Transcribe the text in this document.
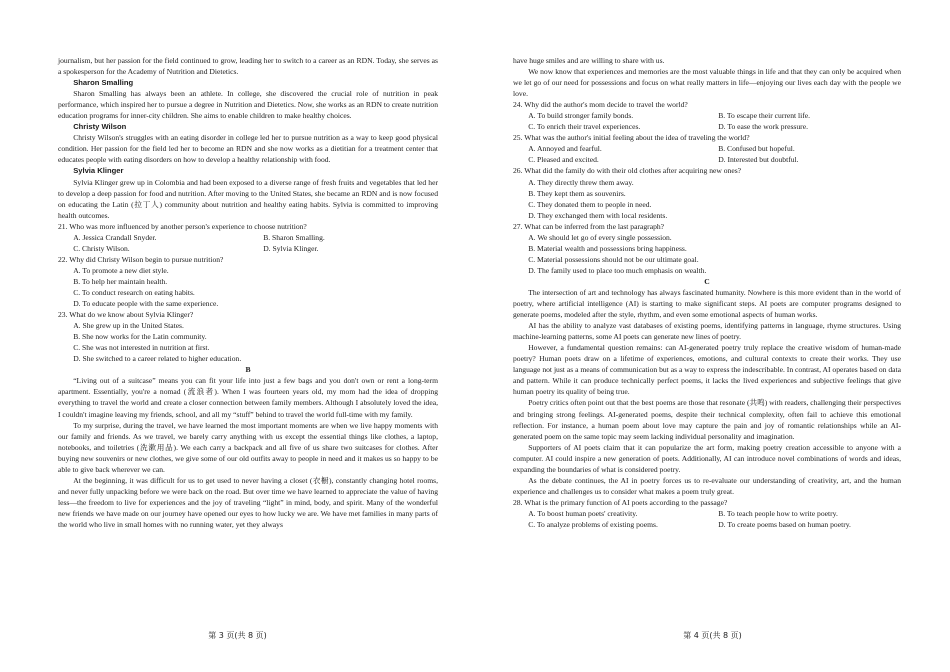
journalism, but her passion for the field continued to grow, leading her to switch to a career as an RDN. Today, she serves as a spokesperson for the Academy of Nutrition and Dietetics.

Sharon Smalling

Sharon Smalling has always been an athlete. In college, she discovered the crucial role of nutrition in peak performance, which inspired her to pursue a degree in Nutrition and Dietetics. Now, she works as an RDN to create nutrition education programs for inner-city children. She aims to enable children to make healthy choices.

Christy Wilson

Christy Wilson's struggles with an eating disorder in college led her to pursue nutrition as a way to keep good physical condition. Her passion for the field led her to become an RDN and she now works as a dietitian for a treatment center that educates people with eating disorders on how to develop a healthy relationship with food.

Sylvia Klinger

Sylvia Klinger grew up in Colombia and had been exposed to a diverse range of fresh fruits and vegetables that led her to develop a deep passion for food and nutrition. After moving to the United States, she became an RDN and is now focused on educating the Latin (拉丁人) community about nutrition and healthy eating habits. Sylvia is committed to improving health outcomes.

21. Who was more influenced by another person's experience to choose nutrition?

A. Jessica Crandall Snyder.	B. Sharon Smalling.
C. Christy Wilson.	D. Sylvia Klinger.

22. Why did Christy Wilson begin to pursue nutrition?

A. To promote a new diet style.

B. To help her maintain health.

C. To conduct research on eating habits.

D. To educate people with the same experience.

23. What do we know about Sylvia Klinger?

A. She grew up in the United States.

B. She now works for the Latin community.

C. She was not interested in nutrition at first.

D. She switched to a career related to higher education.

B

“Living out of a suitcase” means you can fit your life into just a few bags and you don't own or rent a long-term apartment. Essentially, you're a nomad (流浪者). When I was fourteen years old, my mom had the idea of dropping everything to travel the world and create a closer connection between family members. Although I absolutely loved the idea, I couldn't imagine leaving my friends, school, and all my “stuff” behind to travel the world full-time with my family.

To my surprise, during the travel, we have learned the most important moments are when we live happy moments with our family and friends. As we travel, we barely carry anything with us except the essential things like clothes, a laptop, notebooks, and toiletries (洗漱用品). We each carry a backpack and all five of us share two suitcases for clothes. After buying new souvenirs or new clothes, we give some of our old outfits away to people in need and it makes us so happy to be able to give back wherever we can.

At the beginning, it was difficult for us to get used to never having a closet (衣橱), constantly changing hotel rooms, and never fully unpacking before we were back on the road. But over time we have learned to appreciate the value of having less—the freedom to live for experiences and the joy of traveling “light” in mind, body, and spirit. Many of the wonderful new friends we have made on our journey have opened our eyes to how lucky we are. We have met families in many parts of the world who live in small homes with no running water, yet they always

第 3 页(共 8 页)

have huge smiles and are willing to share with us.

We now know that experiences and memories are the most valuable things in life and that they can only be acquired when we let go of our need for possessions and focus on what really matters in life—enjoying our lives each day with the people we love.

24. Why did the author's mom decide to travel the world?

A. To build stronger family bonds.	B. To escape their current life.
C. To enrich their travel experiences.	D. To ease the work pressure.

25. What was the author's initial feeling about the idea of traveling the world?

A. Annoyed and fearful.	B. Confused but hopeful.
C. Pleased and excited.	D. Interested but doubtful.

26. What did the family do with their old clothes after acquiring new ones?

A. They directly threw them away.

B. They kept them as souvenirs.

C. They donated them to people in need.

D. They exchanged them with local residents.

27. What can be inferred from the last paragraph?

A. We should let go of every single possession.

B. Material wealth and possessions bring happiness.

C. Material possessions should not be our ultimate goal.

D. The family used to place too much emphasis on wealth.

C

The intersection of art and technology has always fascinated humanity. Nowhere is this more evident than in the world of poetry, where artificial intelligence (AI) is starting to make significant steps. AI poets are computer programs designed to generate poems, modeled after the style, rhythm, and even some emotional aspects of human works.

AI has the ability to analyze vast databases of existing poems, identifying patterns in language, rhyme structures. Using machine-learning patterns, some AI poets can generate new lines of poetry.

However, a fundamental question remains: can AI-generated poetry truly replace the creative wisdom of human-made poetry? Human poets draw on a lifetime of experiences, emotions, and cultural contexts to create their works. They use language not just as a means of communication but as a way to express the indescribable. In contrast, AI operates based on data and pattern. While it can produce technically perfect poems, it lacks the lived experiences and subjective feelings that give human poetry its quality of being true.

Poetry critics often point out that the best poems are those that resonate (共鸣) with readers, challenging their perspectives and bringing strong feelings. AI-generated poems, despite their technical complexity, often fail to achieve this emotional reflection. For instance, a human poem about love may capture the pain and joy of romantic relationships while an AI-generated poem on the same topic may seem lacking individual personality and imagination.

Supporters of AI poets claim that it can popularize the art form, making poetry creation accessible to anyone with a computer. AI could inspire a new generation of poets. Additionally, AI can introduce novel combinations of words and ideas, expanding the boundaries of what is considered poetry.

As the debate continues, the AI in poetry forces us to re-evaluate our understanding of creativity, art, and the human experience and challenges us to consider what makes a poem truly great.

28. What is the primary function of AI poets according to the passage?

A. To boost human poets' creativity.	B. To teach people how to write poetry.
C. To analyze problems of existing poems.	D. To create poems based on human poetry.
第 4 页(共 8 页)
